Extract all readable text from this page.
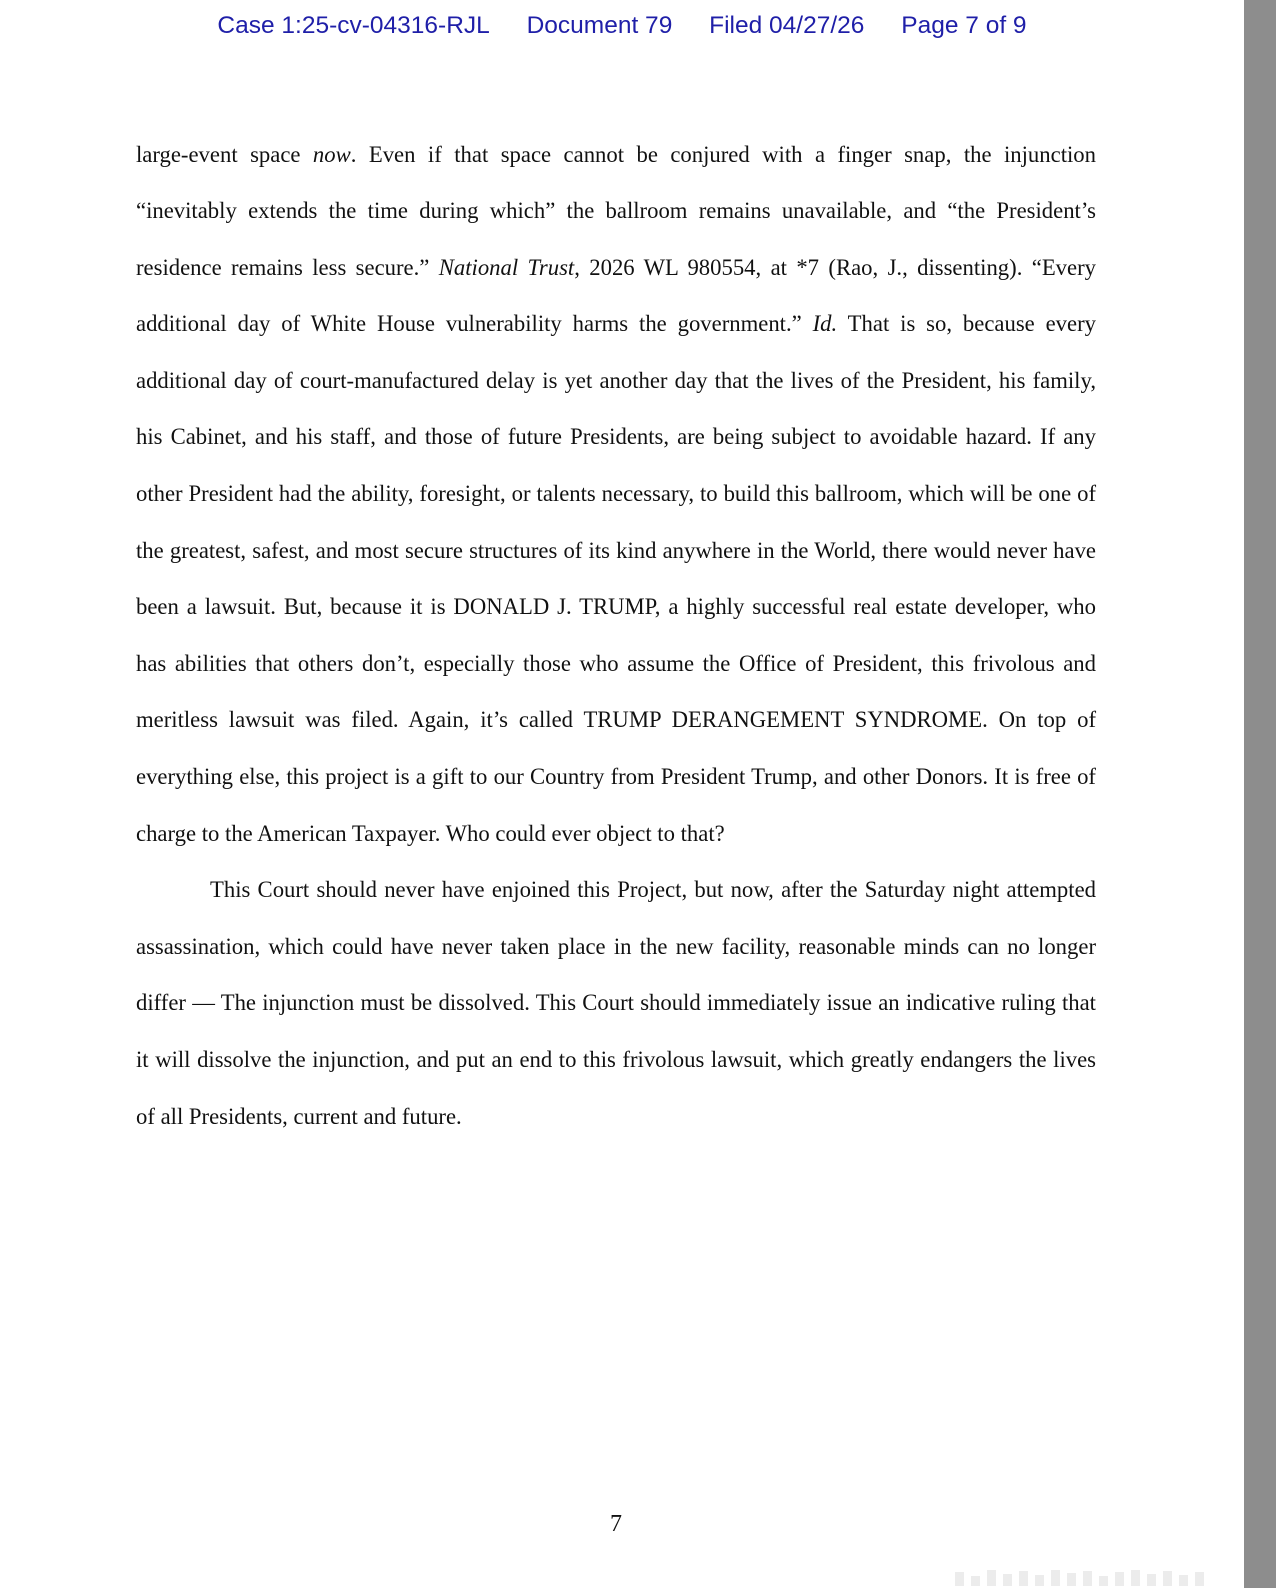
Case 1:25-cv-04316-RJL Document 79 Filed 04/27/26 Page 7 of 9

large-event space now. Even if that space cannot be conjured with a finger snap, the injunction “inevitably extends the time during which” the ballroom remains unavailable, and “the President’s residence remains less secure.” National Trust, 2026 WL 980554, at *7 (Rao, J., dissenting). “Every additional day of White House vulnerability harms the government.” Id. That is so, because every additional day of court-manufactured delay is yet another day that the lives of the President, his family, his Cabinet, and his staff, and those of future Presidents, are being subject to avoidable hazard. If any other President had the ability, foresight, or talents necessary, to build this ballroom, which will be one of the greatest, safest, and most secure structures of its kind anywhere in the World, there would never have been a lawsuit. But, because it is DONALD J. TRUMP, a highly successful real estate developer, who has abilities that others don’t, especially those who assume the Office of President, this frivolous and meritless lawsuit was filed. Again, it’s called TRUMP DERANGEMENT SYNDROME. On top of everything else, this project is a gift to our Country from President Trump, and other Donors. It is free of charge to the American Taxpayer. Who could ever object to that?

This Court should never have enjoined this Project, but now, after the Saturday night attempted assassination, which could have never taken place in the new facility, reasonable minds can no longer differ — The injunction must be dissolved. This Court should immediately issue an indicative ruling that it will dissolve the injunction, and put an end to this frivolous lawsuit, which greatly endangers the lives of all Presidents, current and future.

7
